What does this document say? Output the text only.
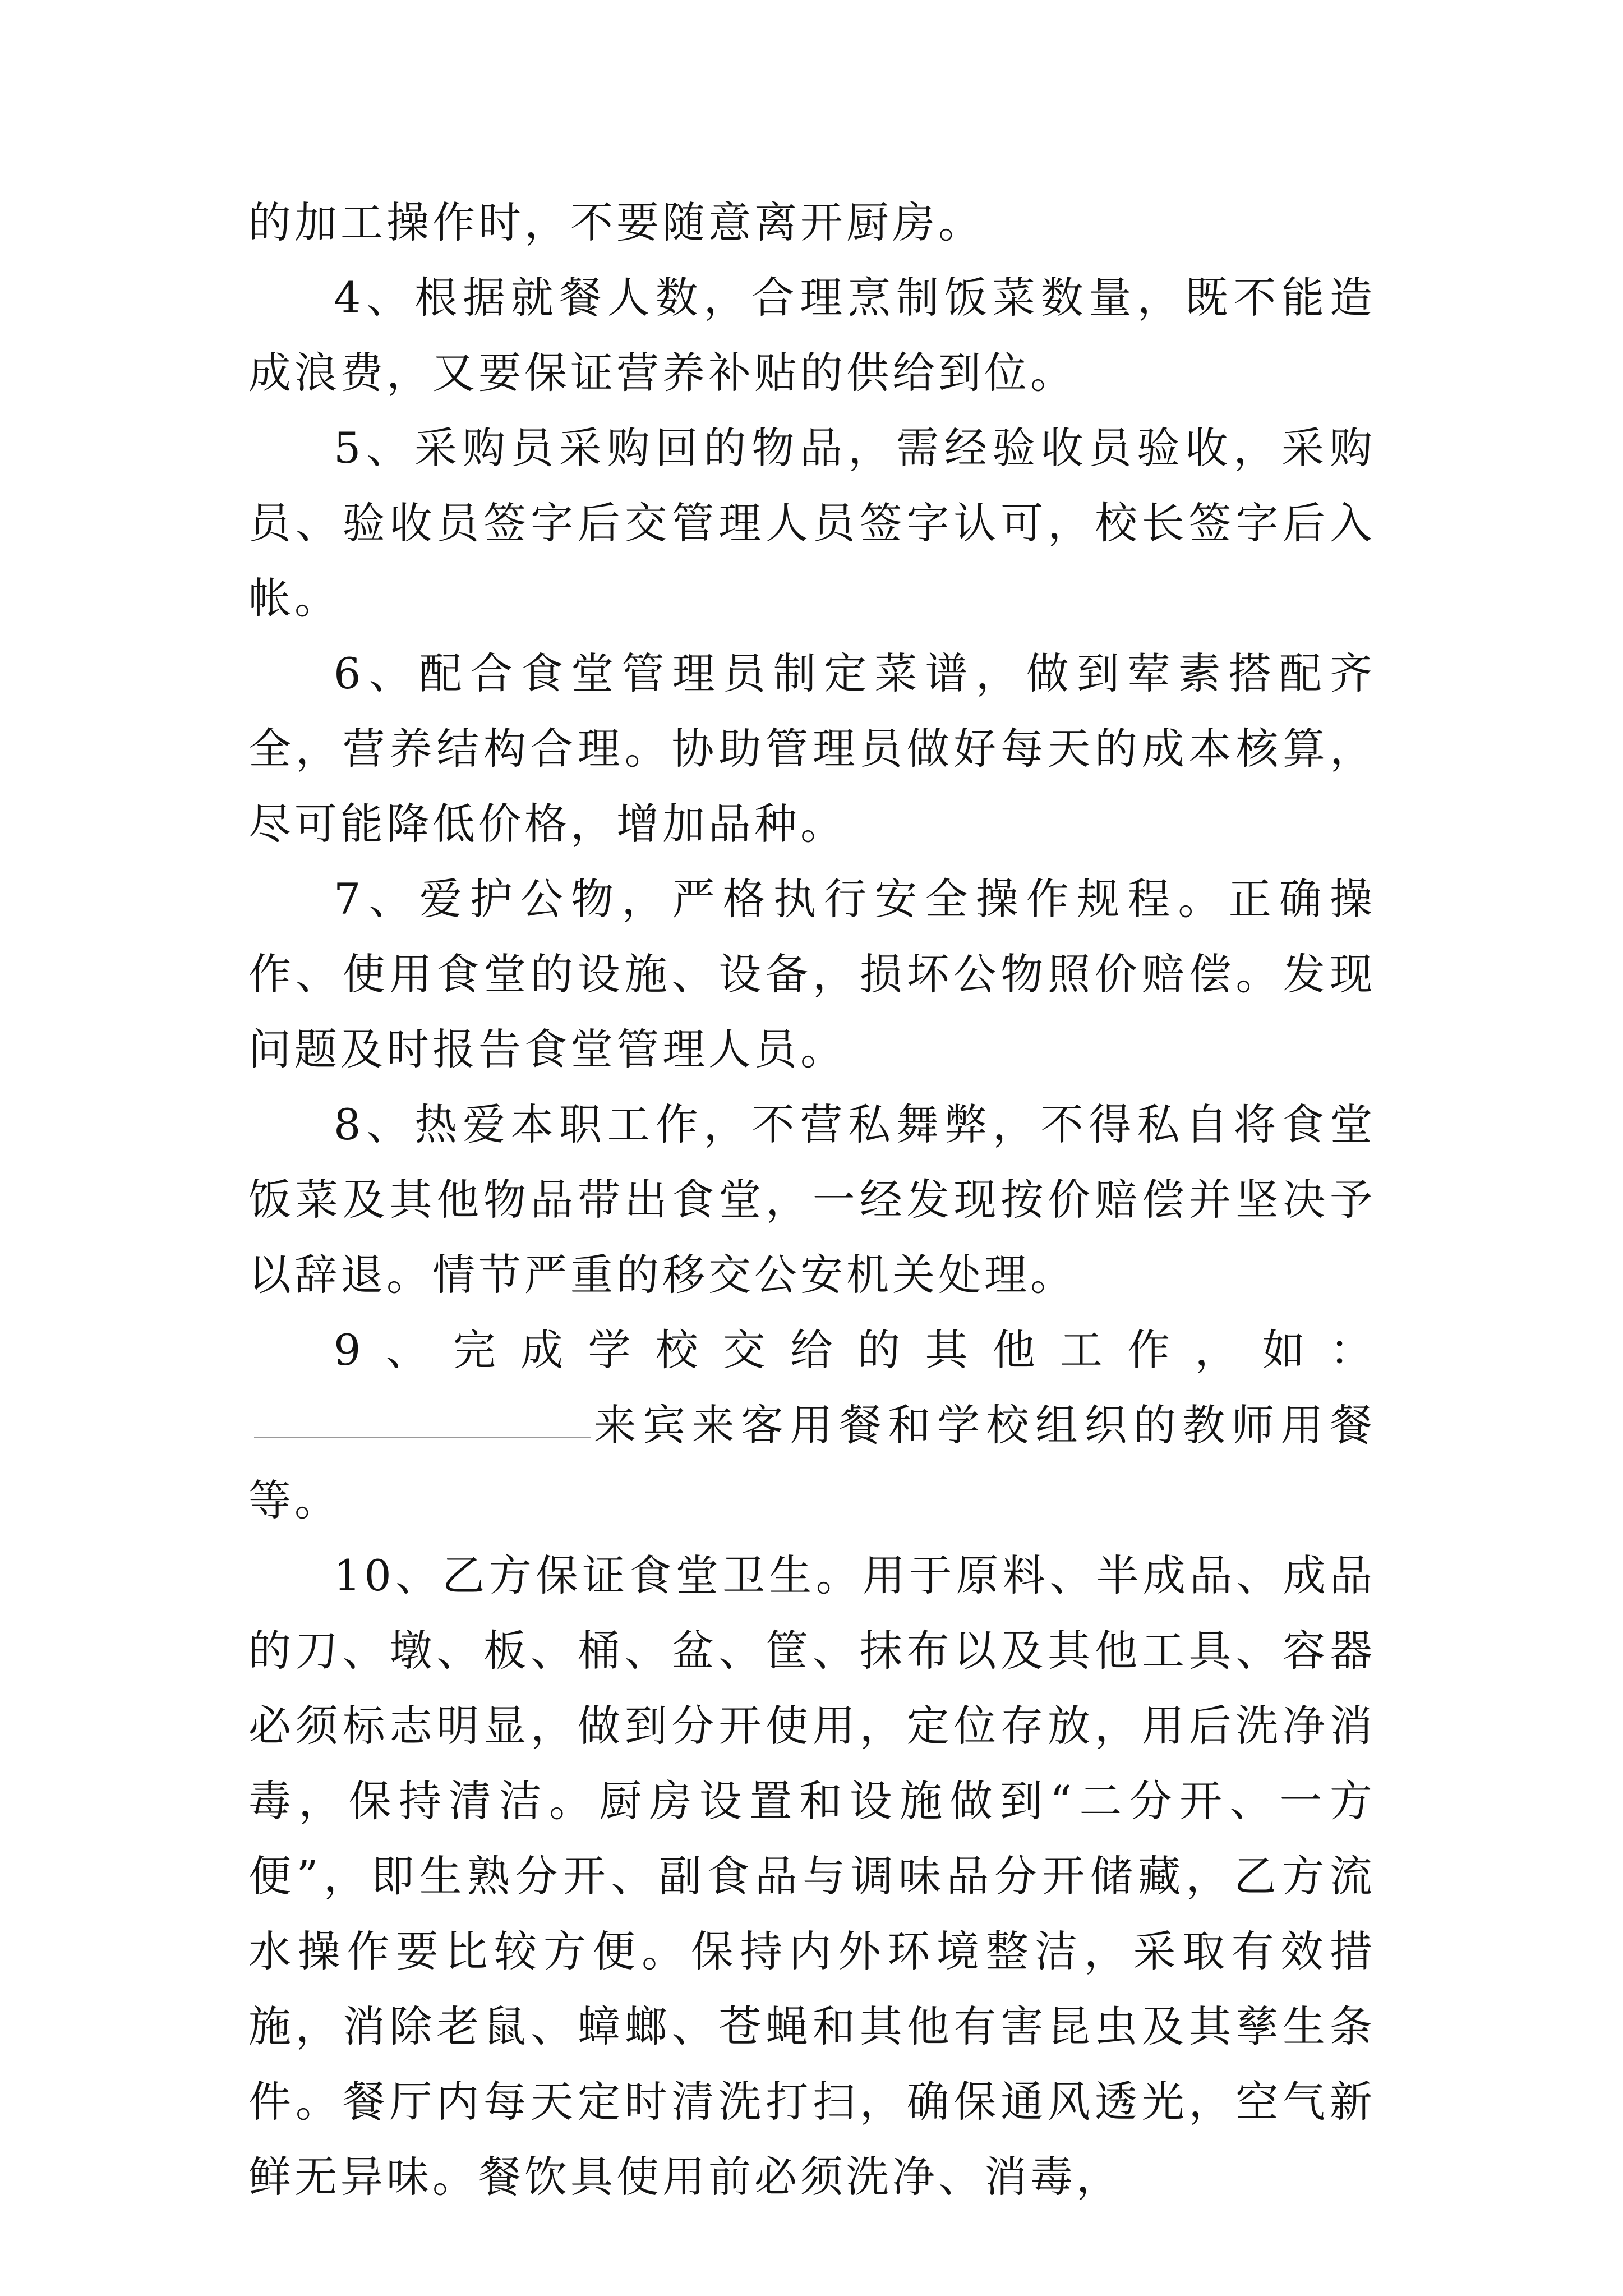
的加工操作时，不要随意离开厨房。

4、根据就餐人数，合理烹制饭菜数量，既不能造成浪费，又要保证营养补贴的供给到位。

5、采购员采购回的物品，需经验收员验收，采购员、验收员签字后交管理人员签字认可，校长签字后入帐。

6、配合食堂管理员制定菜谱，做到荤素搭配齐全，营养结构合理。协助管理员做好每天的成本核算，尽可能降低价格，增加品种。

7、爱护公物，严格执行安全操作规程。正确操作、使用食堂的设施、设备，损坏公物照价赔偿。发现问题及时报告食堂管理人员。

8、热爱本职工作，不营私舞弊，不得私自将食堂饭菜及其他物品带出食堂，一经发现按价赔偿并坚决予以辞退。情节严重的移交公安机关处理。

9、完成学校交给的其他工作，如：来宾来客用餐和学校组织的教师用餐等。

10、乙方保证食堂卫生。用于原料、半成品、成品的刀、墩、板、桶、盆、筐、抹布以及其他工具、容器必须标志明显，做到分开使用，定位存放，用后洗净消毒，保持清洁。厨房设置和设施做到“二分开、一方便”，即生熟分开、副食品与调味品分开储藏，乙方流水操作要比较方便。保持内外环境整洁，采取有效措施，消除老鼠、蟑螂、苍蝇和其他有害昆虫及其孳生条件。餐厅内每天定时清洗打扫，确保通风透光，空气新鲜无异味。餐饮具使用前必须洗净、消毒，
